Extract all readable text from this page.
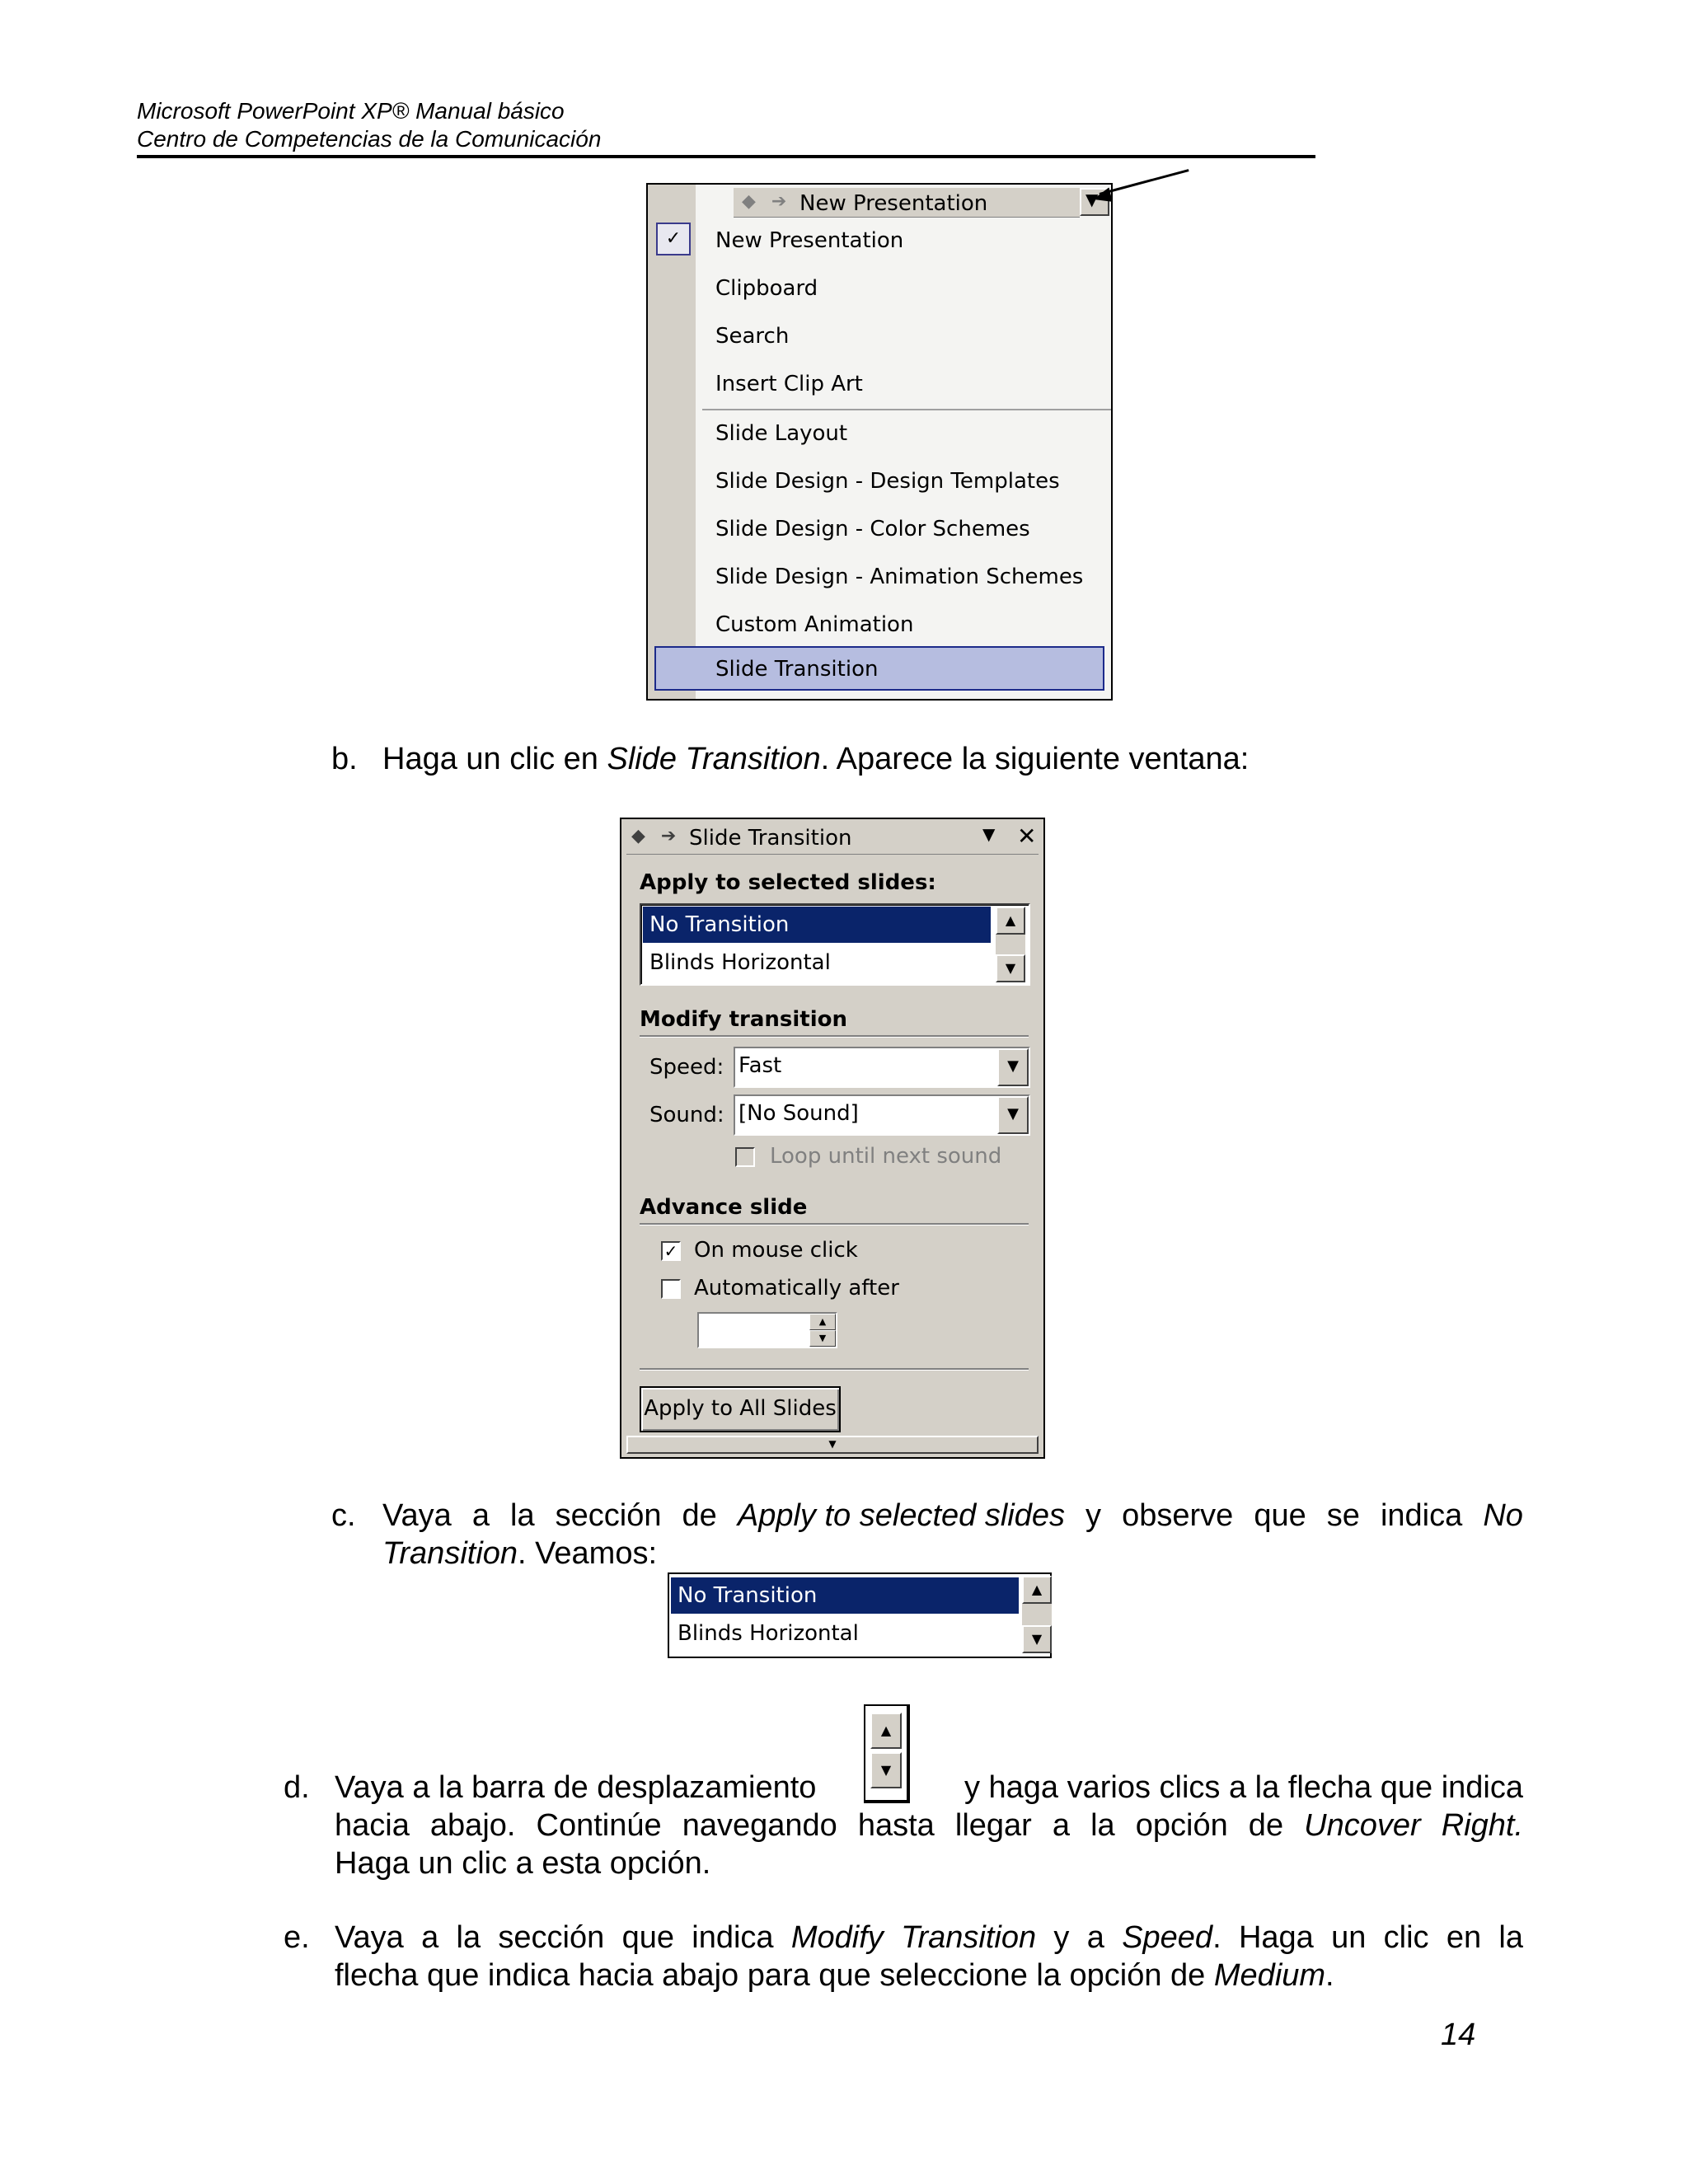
Microsoft PowerPoint XP® Manual básico
Centro de Competencias de la Comunicación
◆ ➔ New Presentation	▼
✓	New Presentation
Clipboard
Search
Insert Clip Art
Slide Layout
Slide Design - Design Templates
Slide Design - Color Schemes
Slide Design - Animation Schemes
Custom Animation
Slide Transition
b. Haga un clic en Slide Transition. Aparece la siguiente ventana:
◆ ➔ Slide Transition	▼ ✕
Apply to selected slides:
No Transition
Blinds Horizontal
▲
▼
Modify transition
Speed: Fast	▼
Sound: [No Sound]	▼
Loop until next sound
Advance slide
✓ On mouse click
Automatically after
▲
▼
Apply to All Slides
▼
c. Vaya a la sección de Apply to selected slides y observe que se indica No
Transition. Veamos:
No Transition
Blinds Horizontal
▲
▼
d. Vaya a la barra de desplazamiento
▲
▼
y haga varios clics a la flecha que indica
hacia abajo. Continúe navegando hasta llegar a la opción de Uncover Right.
Haga un clic a esta opción.
e. Vaya a la sección que indica Modify Transition y a Speed. Haga un clic en la
flecha que indica hacia abajo para que seleccione la opción de Medium.
14
